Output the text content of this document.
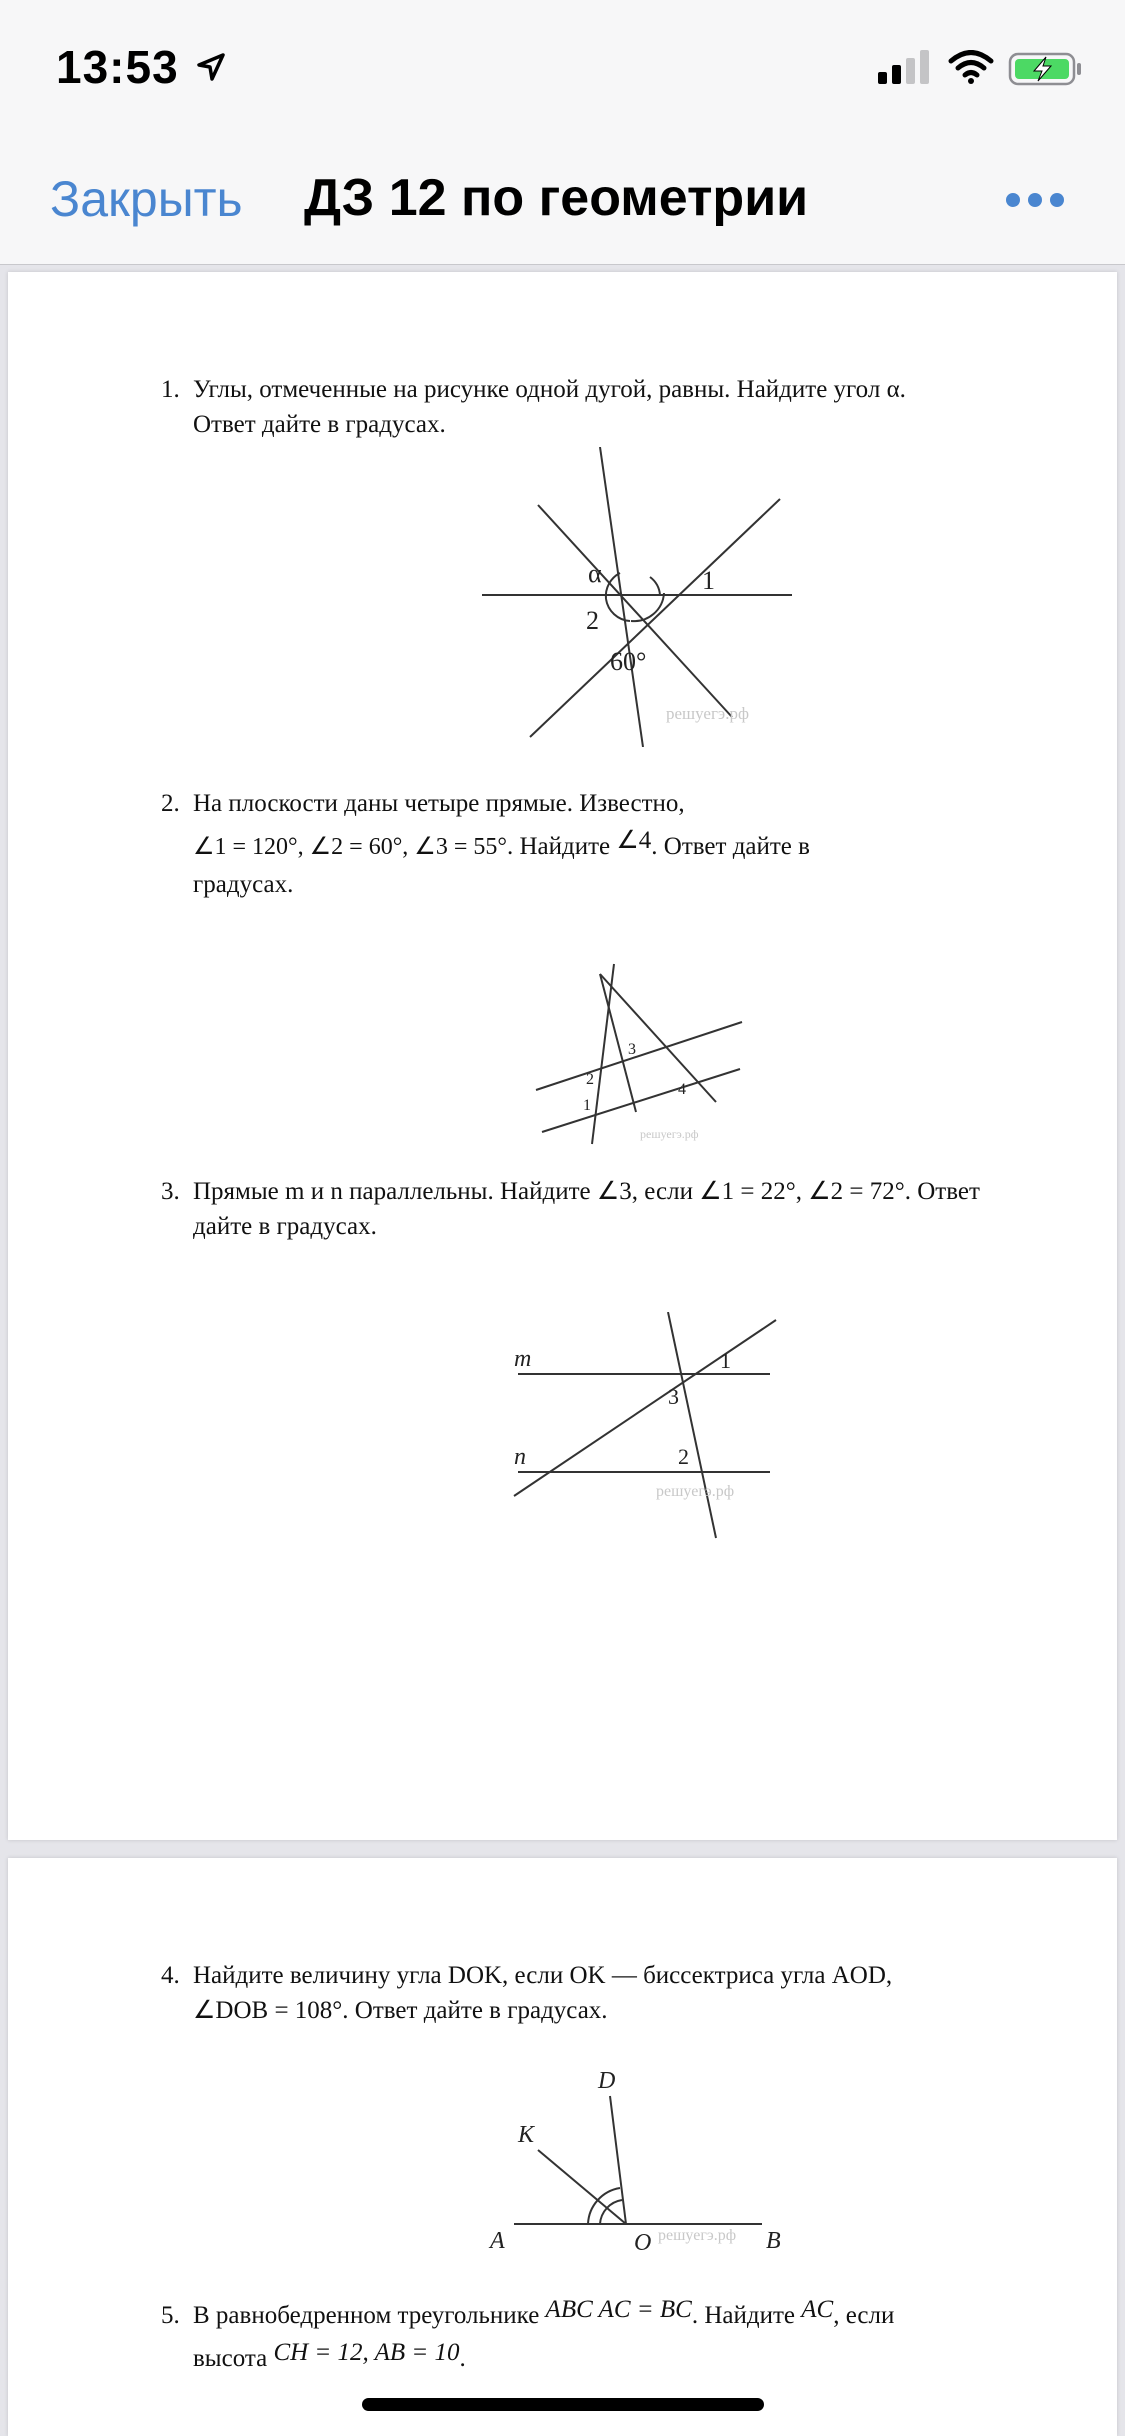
13:53
Закрыть ДЗ 12 по геометрии
1. Углы, отмеченные на рисунке одной дугой, равны. Найдите угол α.
Ответ дайте в градусах.
α	1
2
60°
решуегэ.рф
2. На плоскости даны четыре прямые. Известно,
∠1 = 120°, ∠2 = 60°, ∠3 = 55°. Найдите ∠4. Ответ дайте в
градусах.
3
2
1
4
решуегэ.рф
3. Прямые m и n параллельны. Найдите ∠3, если ∠1 = 22°, ∠2 = 72°. Ответ
дайте в градусах.
m
n
1
2
3
решуегэ.рф
4. Найдите величину угла DOK, если OK — биссектриса угла AOD,
∠DOB = 108°. Ответ дайте в градусах.
D
K
A	O	B
решуегэ.рф
5. В равнобедренном треугольнике ABC AC = BC. Найдите AC, если
высота CH = 12, AB = 10.
